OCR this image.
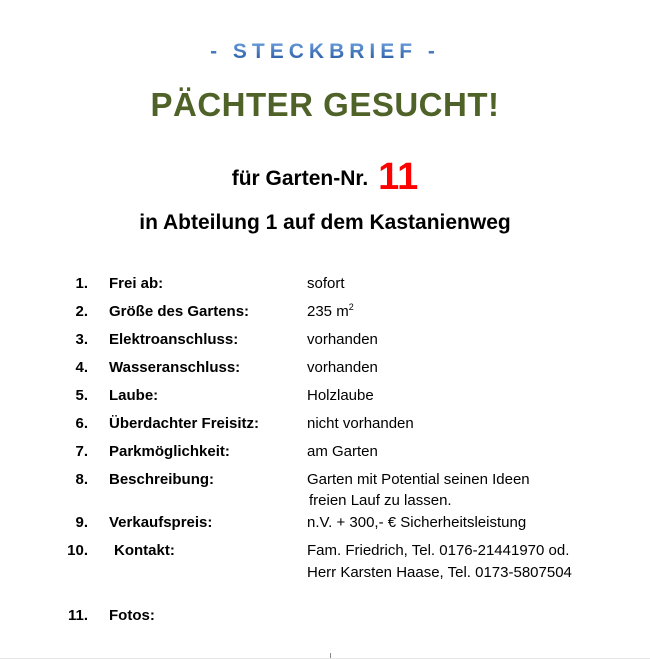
- STECKBRIEF -
PÄCHTER GESUCHT!
für Garten-Nr. 11
in Abteilung 1 auf dem Kastanienweg
1. Frei ab:	sofort
2. Größe des Gartens:	235 $m^2$
3. Elektroanschluss:	vorhanden
4. Wasseranschluss:	vorhanden
5. Laube:	Holzlaube
6. Überdachter Freisitz:	nicht vorhanden
7. Parkmöglichkeit:	am Garten
8. Beschreibung:	Garten mit Potential seinen Ideen
freien Lauf zu lassen.
9. Verkaufspreis:	n.V. + 300,- € Sicherheitsleistung
10. Kontakt:	Fam. Friedrich, Tel. 0176-21441970 od.
Herr Karsten Haase, Tel. 0173-5807504
11. Fotos:
